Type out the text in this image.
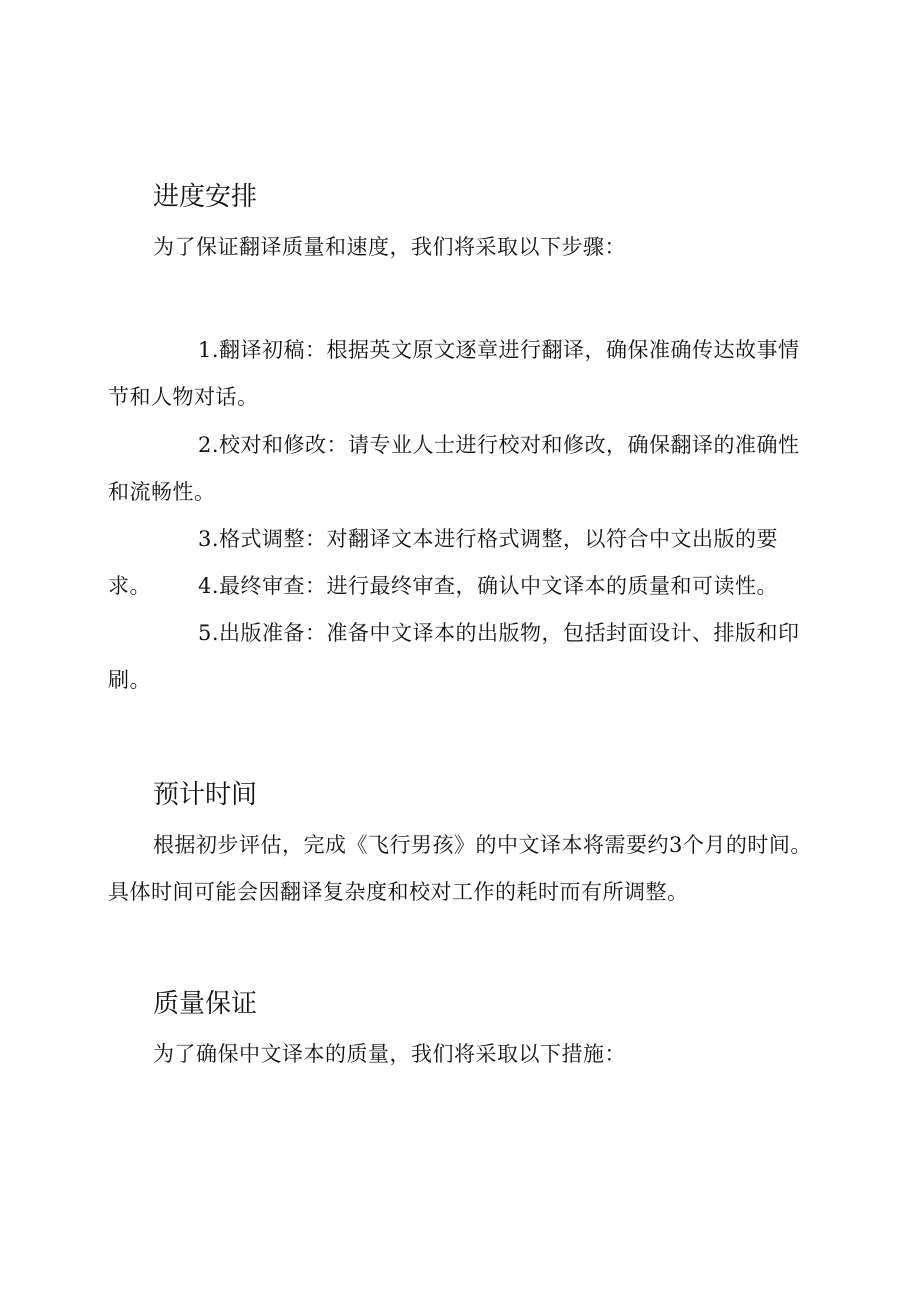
进度安排

为了保证翻译质量和速度，我们将采取以下步骤：

1.翻译初稿：根据英文原文逐章进行翻译，确保准确传达故事情节和人物对话。

2.校对和修改：请专业人士进行校对和修改，确保翻译的准确性和流畅性。

3.格式调整：对翻译文本进行格式调整，以符合中文出版的要求。	4.最终审查：进行最终审查，确认中文译本的质量和可读性。

5.出版准备：准备中文译本的出版物，包括封面设计、排版和印刷。

预计时间

根据初步评估，完成《飞行男孩》的中文译本将需要约3个月的时间。具体时间可能会因翻译复杂度和校对工作的耗时而有所调整。

质量保证

为了确保中文译本的质量，我们将采取以下措施：
